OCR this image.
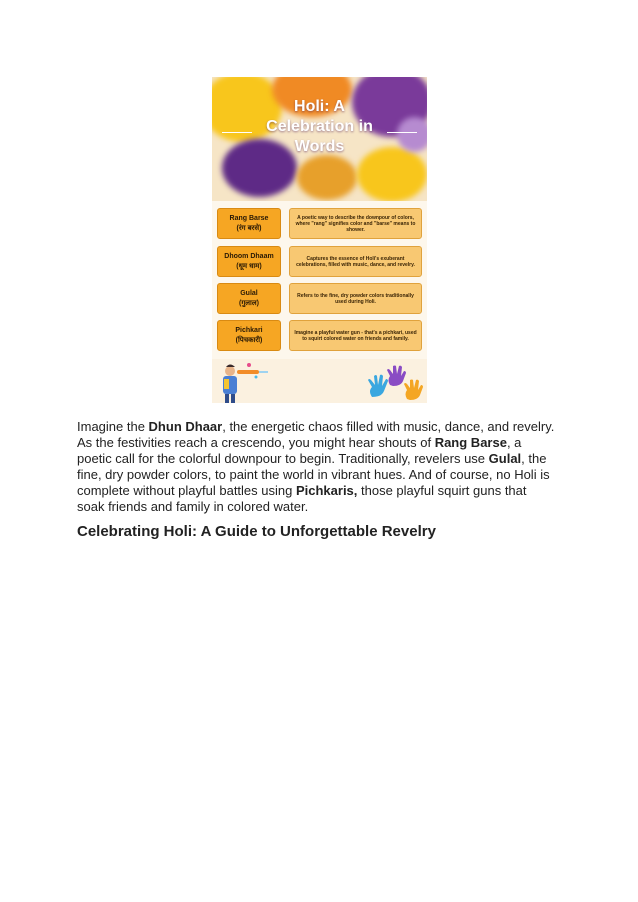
Holi: A
Celebration in
Words
Rang Barse
(रंग बरसे)
A poetic way to describe the downpour of colors, where "rang" signifies color and "barse" means to shower.
Dhoom Dhaam
(धूम धाम)
Captures the essence of Holi's exuberant celebrations, filled with music, dance, and revelry.
Gulal
(गुलाल)
Refers to the fine, dry powder colors traditionally used during Holi.
Pichkari
(पिचकारी)
Imagine a playful water gun - that's a pichkari, used to squirt colored water on friends and family.

Imagine the Dhun Dhaar, the energetic chaos filled with music, dance, and revelry. As the festivities reach a crescendo, you might hear shouts of Rang Barse, a poetic call for the colorful downpour to begin. Traditionally, revelers use Gulal, the fine, dry powder colors, to paint the world in vibrant hues. And of course, no Holi is complete without playful battles using Pichkaris, those playful squirt guns that soak friends and family in colored water.

Celebrating Holi: A Guide to Unforgettable Revelry
